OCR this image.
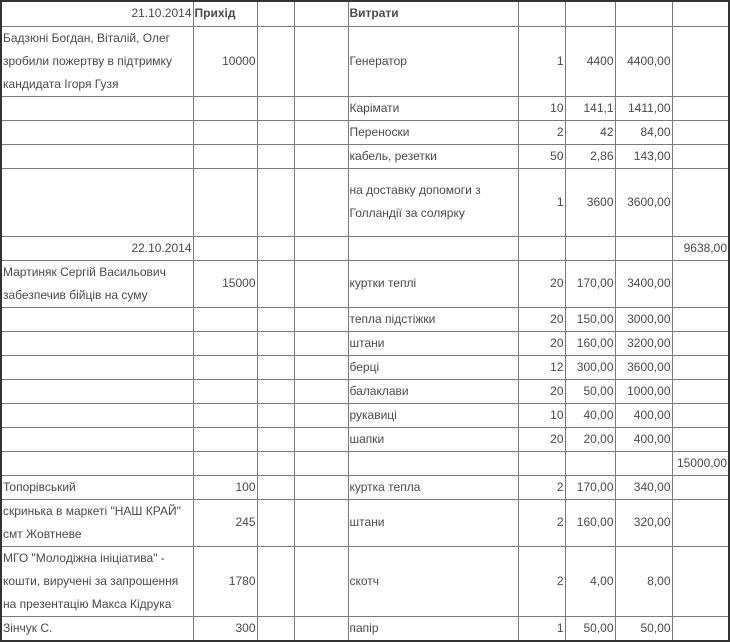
21.10.2014	Прихід			Витрати				
Бадзюні Богдан, Віталій, Олег зробили пожертву в підтримку кандидата Ігоря Гузя	10000			Генератор	1	4400	4400,00	
				Карімати	10	141,1	1411,00	
				Переноски	2	42	84,00	
				кабель, резетки	50	2,86	143,00	
				на доставку допомоги з Голландії за солярку	1	3600	3600,00	
22.10.2014								9638,00
Мартиняк Сергій Васильович забезпечив бійців на суму	15000			куртки теплі	20	170,00	3400,00	
				тепла підстіжки	20	150,00	3000,00	
				штани	20	160,00	3200,00	
				берці	12	300,00	3600,00	
				балаклави	20	50,00	1000,00	
				рукавиці	10	40,00	400,00	
				шапки	20	20,00	400,00	
								15000,00
Топорівський	100			куртка тепла	2	170,00	340,00	
скринька в маркеті "НАШ КРАЙ" смт Жовтневе	245			штани	2	160,00	320,00	
МГО "Молодіжна ініціатива" - кошти, виручені за запрошення на презентацію Макса Кідрука	1780			скотч	2	4,00	8,00	
Зінчук С.	300			папір	1	50,00	50,00	
